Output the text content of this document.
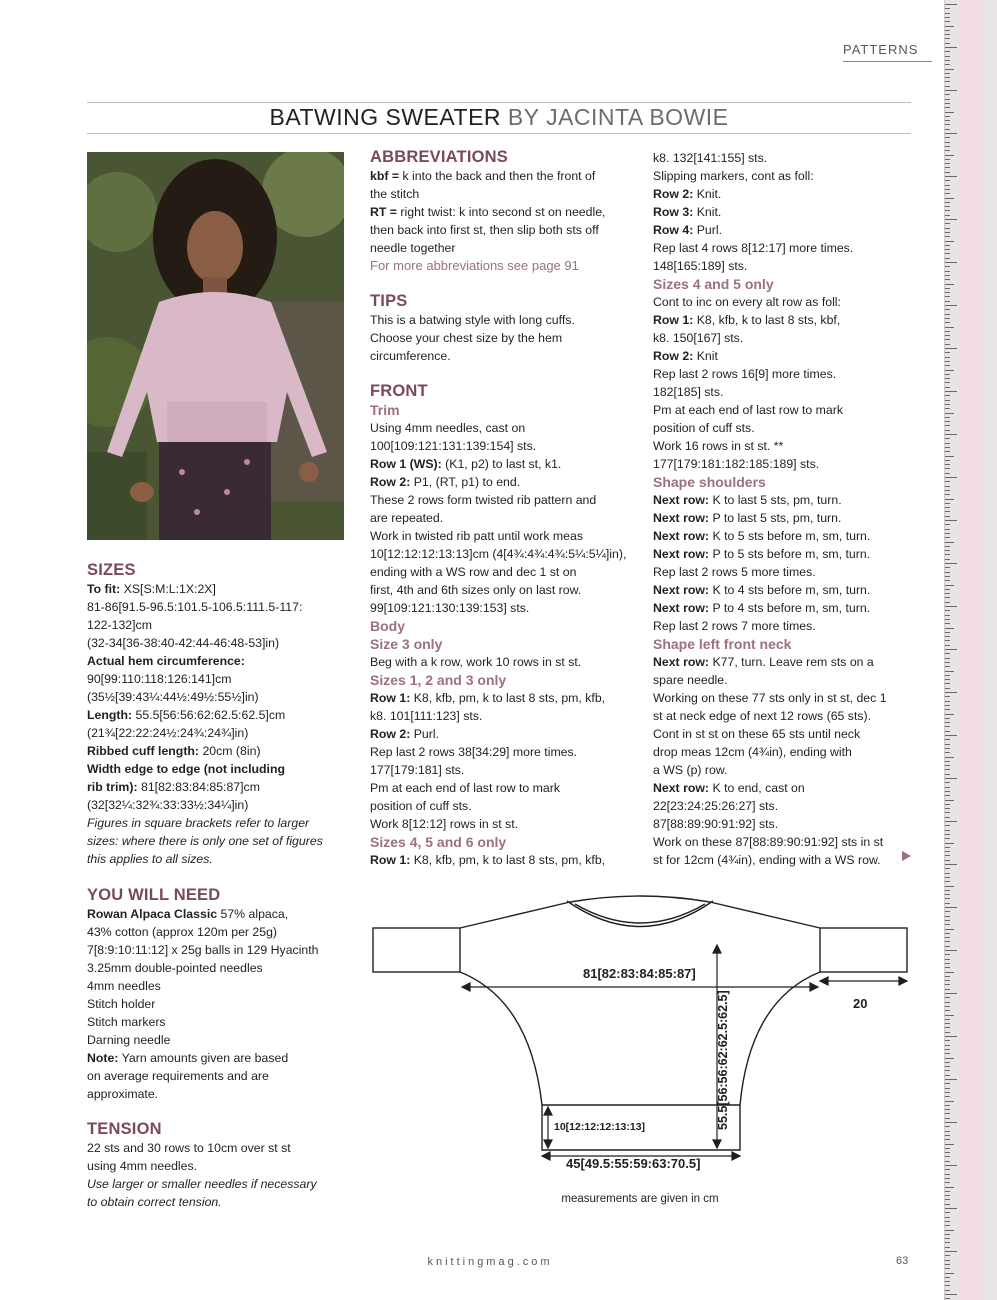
PATTERNS
BATWING SWEATER BY JACINTA BOWIE
SIZES
To fit: XS[S:M:L:1X:2X]
81-86[91.5-96.5:101.5-106.5:111.5-117:
122-132]cm
(32-34[36-38:40-42:44-46:48-53]in)
Actual hem circumference:
90[99:110:118:126:141]cm
(35½[39:43¼:44½:49½:55½]in)
Length: 55.5[56:56:62:62.5:62.5]cm
(21¾[22:22:24½:24¾:24¾]in)
Ribbed cuff length: 20cm (8in)
Width edge to edge (not including
rib trim): 81[82:83:84:85:87]cm
(32[32¼:32¾:33:33½:34¼]in)
Figures in square brackets refer to larger
sizes: where there is only one set of figures
this applies to all sizes.
YOU WILL NEED
Rowan Alpaca Classic 57% alpaca,
43% cotton (approx 120m per 25g)
7[8:9:10:11:12] x 25g balls in 129 Hyacinth
3.25mm double-pointed needles
4mm needles
Stitch holder
Stitch markers
Darning needle
Note: Yarn amounts given are based
on average requirements and are
approximate.
TENSION
22 sts and 30 rows to 10cm over st st
using 4mm needles.
Use larger or smaller needles if necessary
to obtain correct tension.
ABBREVIATIONS
kbf = k into the back and then the front of
the stitch
RT = right twist: k into second st on needle,
then back into first st, then slip both sts off
needle together
For more abbreviations see page 91
TIPS
This is a batwing style with long cuffs.
Choose your chest size by the hem
circumference.
FRONT
Trim
Using 4mm needles, cast on
100[109:121:131:139:154] sts.
Row 1 (WS): (K1, p2) to last st, k1.
Row 2: P1, (RT, p1) to end.
These 2 rows form twisted rib pattern and
are repeated.
Work in twisted rib patt until work meas
10[12:12:12:13:13]cm (4[4¾:4¾:4¾:5¼:5¼]in),
ending with a WS row and dec 1 st on
first, 4th and 6th sizes only on last row.
99[109:121:130:139:153] sts.
Body
Size 3 only
Beg with a k row, work 10 rows in st st.
Sizes 1, 2 and 3 only
Row 1: K8, kfb, pm, k to last 8 sts, pm, kfb,
k8. 101[111:123] sts.
Row 2: Purl.
Rep last 2 rows 38[34:29] more times.
177[179:181] sts.
Pm at each end of last row to mark
position of cuff sts.
Work 8[12:12] rows in st st.
Sizes 4, 5 and 6 only
Row 1: K8, kfb, pm, k to last 8 sts, pm, kfb,
k8. 132[141:155] sts.
Slipping markers, cont as foll:
Row 2: Knit.
Row 3: Knit.
Row 4: Purl.
Rep last 4 rows 8[12:17] more times.
148[165:189] sts.
Sizes 4 and 5 only
Cont to inc on every alt row as foll:
Row 1: K8, kfb, k to last 8 sts, kbf,
k8. 150[167] sts.
Row 2: Knit
Rep last 2 rows 16[9] more times.
182[185] sts.
Pm at each end of last row to mark
position of cuff sts.
Work 16 rows in st st. **
177[179:181:182:185:189] sts.
Shape shoulders
Next row: K to last 5 sts, pm, turn.
Next row: P to last 5 sts, pm, turn.
Next row: K to 5 sts before m, sm, turn.
Next row: P to 5 sts before m, sm, turn.
Rep last 2 rows 5 more times.
Next row: K to 4 sts before m, sm, turn.
Next row: P to 4 sts before m, sm, turn.
Rep last 2 rows 7 more times.
Shape left front neck
Next row: K77, turn. Leave rem sts on a
spare needle.
Working on these 77 sts only in st st, dec 1
st at neck edge of next 12 rows (65 sts).
Cont in st st on these 65 sts until neck
drop meas 12cm (4¾in), ending with
a WS (p) row.
Next row: K to end, cast on
22[23:24:25:26:27] sts.
87[88:89:90:91:92] sts.
Work on these 87[88:89:90:91:92] sts in st
st for 12cm (4¾in), ending with a WS row.
81[82:83:84:85:87]
20
55.5[56:56:62:62.5:62.5]
10[12:12:12:13:13]
45[49.5:55:59:63:70.5]
measurements are given in cm
knittingmag.com	63
